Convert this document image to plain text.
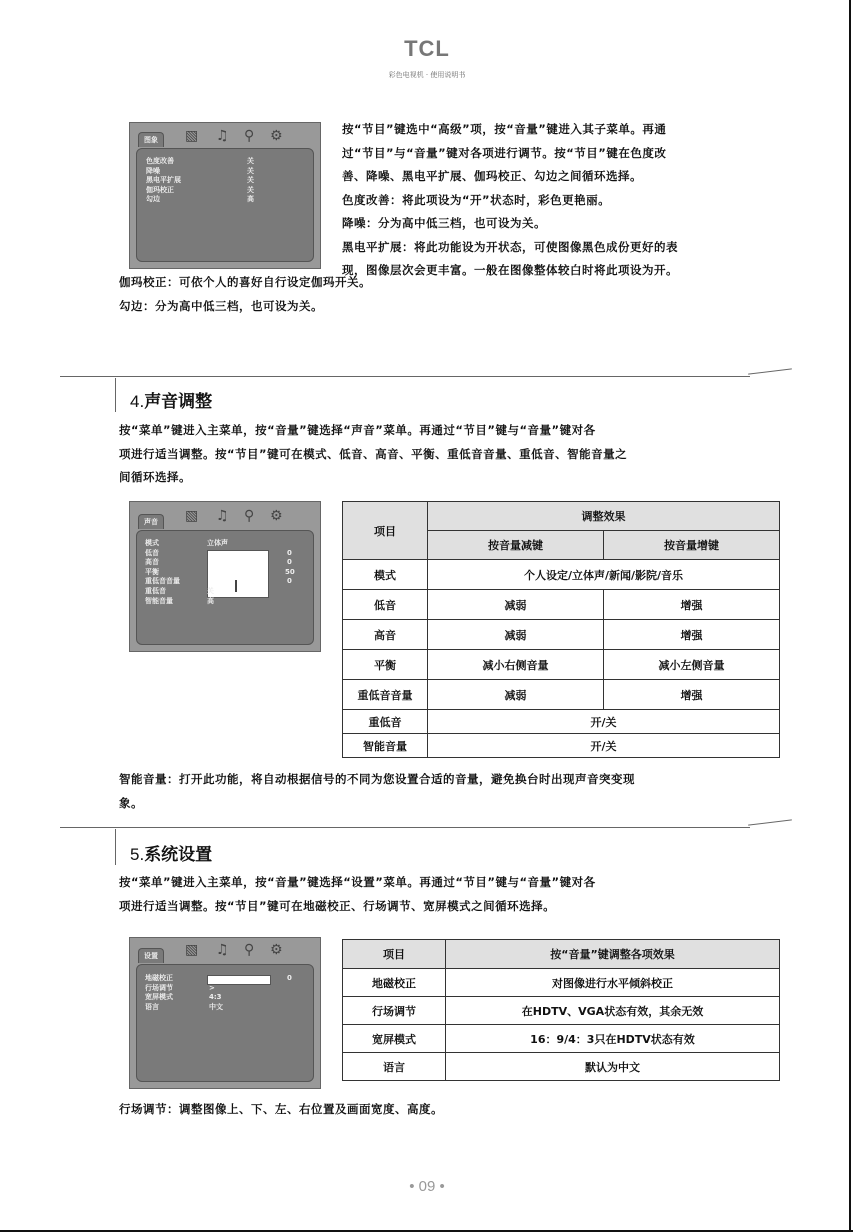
TCL
彩色电视机 · 使用说明书
图象	▧ ♫ ⚲ ⚙
色度改善	关
降噪	关
黑电平扩展	关
伽玛校正	关
勾边	高
按“节目”键选中“高级”项，按“音量”键进入其子菜单。再通
过“节目”与“音量”键对各项进行调节。按“节目”键在色度改
善、降噪、黑电平扩展、伽玛校正、勾边之间循环选择。
色度改善：将此项设为“开”状态时，彩色更艳丽。
降噪：分为高中低三档，也可设为关。
黑电平扩展：将此功能设为开状态，可使图像黑色成份更好的表
现，图像层次会更丰富。一般在图像整体较白时将此项设为开。
伽玛校正：可依个人的喜好自行设定伽玛开关。
勾边：分为高中低三档，也可设为关。
4.声音调整
按“菜单”键进入主菜单，按“音量”键选择“声音”菜单。再通过“节目”键与“音量”键对各
项进行适当调整。按“节目”键可在模式、低音、高音、平衡、重低音音量、重低音、智能音量之
间循环选择。
声音	▧ ♫ ⚲ ⚙
模式	立体声
低音	0
高音	0
平衡	50
重低音音量	0
重低音	关
智能音量	高
项目	调整效果	
	按音量减键	按音量增键
模式	个人设定/立体声/新闻/影院/音乐	
低音	减弱	增强
高音	减弱	增强
平衡	减小右侧音量	减小左侧音量
重低音音量	减弱	增强
重低音	开/关	
智能音量	开/关	
智能音量：打开此功能，将自动根据信号的不同为您设置合适的音量，避免换台时出现声音突变现
象。
5.系统设置
按“菜单”键进入主菜单，按“音量”键选择“设置”菜单。再通过“节目”键与“音量”键对各
项进行适当调整。按“节目”键可在地磁校正、行场调节、宽屏模式之间循环选择。
设置	▧ ♫ ⚲ ⚙
地磁校正	0
行场调节	>
宽屏模式	4:3
语言	中文
项目	按“音量”键调整各项效果
地磁校正	对图像进行水平倾斜校正
行场调节	在HDTV、VGA状态有效，其余无效
宽屏模式	16：9/4：3只在HDTV状态有效
语言	默认为中文
行场调节：调整图像上、下、左、右位置及画面宽度、高度。
• 09 •
